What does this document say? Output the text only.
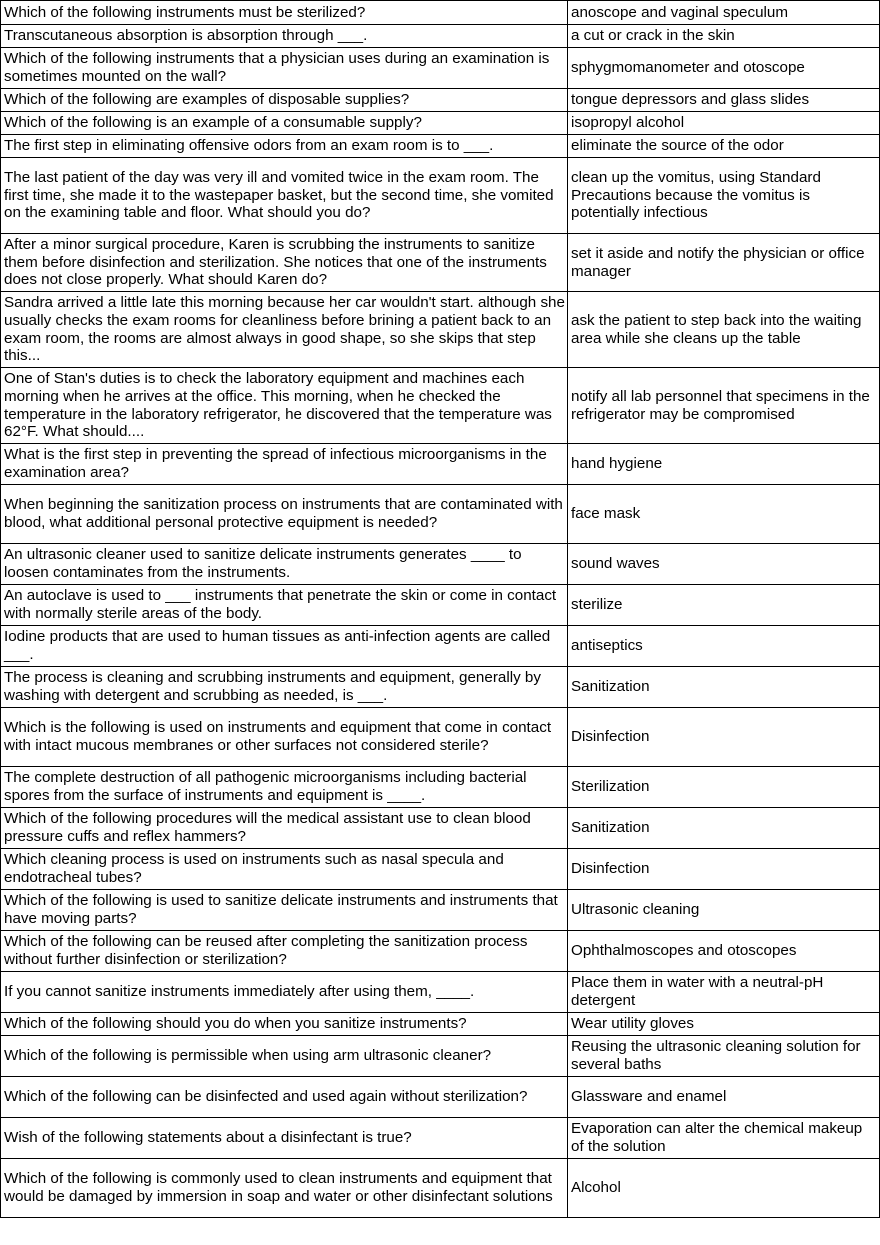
Which of the following instruments must be sterilized?	anoscope and vaginal speculum
Transcutaneous absorption is absorption through ___.	a cut or crack in the skin
Which of the following instruments that a physician uses during an examination is sometimes mounted on the wall?	sphygmomanometer and otoscope
Which of the following are examples of disposable supplies?	tongue depressors and glass slides
Which of the following is an example of a consumable supply?	isopropyl alcohol
The first step in eliminating offensive odors from an exam room is to ___.	eliminate the source of the odor
The last patient of the day was very ill and vomited twice in the exam room. The first time, she made it to the wastepaper basket, but the second time, she vomited on the examining table and floor. What should you do?	clean up the vomitus, using Standard Precautions because the vomitus is potentially infectious
After a minor surgical procedure, Karen is scrubbing the instruments to sanitize them before disinfection and sterilization. She notices that one of the instruments does not close properly. What should Karen do?	set it aside and notify the physician or office manager
Sandra arrived a little late this morning because her car wouldn't start. although she usually checks the exam rooms for cleanliness before brining a patient back to an exam room, the rooms are almost always in good shape, so she skips that step this...	ask the patient to step back into the waiting area while she cleans up the table
One of Stan's duties is to check the laboratory equipment and machines each morning when he arrives at the office. This morning, when he checked the temperature in the laboratory refrigerator, he discovered that the temperature was 62°F. What should....	notify all lab personnel that specimens in the refrigerator may be compromised
What is the first step in preventing the spread of infectious microorganisms in the examination area?	hand hygiene
When beginning the sanitization process on instruments that are contaminated with blood, what additional personal protective equipment is needed?	face mask
An ultrasonic cleaner used to sanitize delicate instruments generates ____ to loosen contaminates from the instruments.	sound waves
An autoclave is used to ___ instruments that penetrate the skin or come in contact with normally sterile areas of the body.	sterilize
Iodine products that are used to human tissues as anti-infection agents are called ___.	antiseptics
The process is cleaning and scrubbing instruments and equipment, generally by washing with detergent and scrubbing as needed, is ___.	Sanitization
Which is the following is used on instruments and equipment that come in contact with intact mucous membranes or other surfaces not considered sterile?	Disinfection
The complete destruction of all pathogenic microorganisms including bacterial spores from the surface of instruments and equipment is ____.	Sterilization
Which of the following procedures will the medical assistant use to clean blood pressure cuffs and reflex hammers?	Sanitization
Which cleaning process is used on instruments such as nasal specula and endotracheal tubes?	Disinfection
Which of the following is used to sanitize delicate instruments and instruments that have moving parts?	Ultrasonic cleaning
Which of the following can be reused after completing the sanitization process without further disinfection or sterilization?	Ophthalmoscopes and otoscopes
If you cannot sanitize instruments immediately after using them, ____.	Place them in water with a neutral-pH detergent
Which of the following should you do when you sanitize instruments?	Wear utility gloves
Which of the following is permissible when using arm ultrasonic cleaner?	Reusing the ultrasonic cleaning solution for several baths
Which of the following can be disinfected and used again without sterilization?	Glassware and enamel
Wish of the following statements about a disinfectant is true?	Evaporation can alter the chemical makeup of the solution
Which of the following is commonly used to clean instruments and equipment that would be damaged by immersion in soap and water or other disinfectant solutions	Alcohol
